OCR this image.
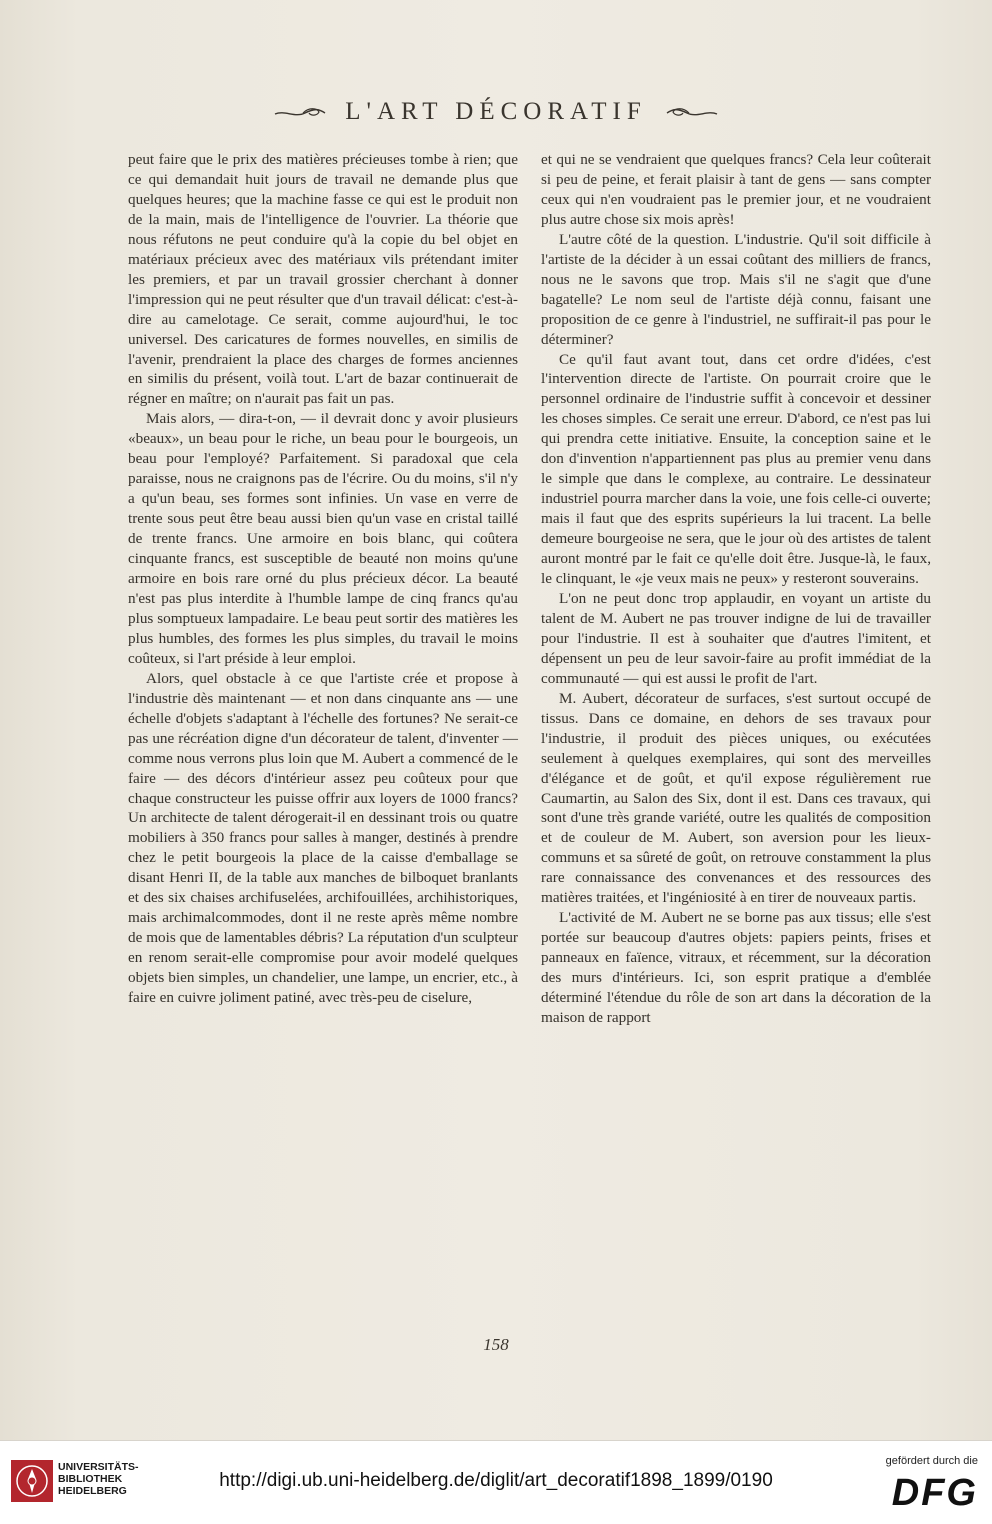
L'ART DÉCORATIF

peut faire que le prix des matières précieuses tombe à rien; que ce qui demandait huit jours de travail ne demande plus que quelques heures; que la machine fasse ce qui est le produit non de la main, mais de l'intelligence de l'ouvrier. La théorie que nous réfutons ne peut conduire qu'à la copie du bel objet en matériaux précieux avec des matériaux vils prétendant imiter les premiers, et par un travail grossier cherchant à donner l'impression qui ne peut résulter que d'un travail délicat: c'est-à-dire au camelotage. Ce serait, comme aujourd'hui, le toc universel. Des caricatures de formes nouvelles, en similis de l'avenir, prendraient la place des charges de formes anciennes en similis du présent, voilà tout. L'art de bazar continuerait de régner en maître; on n'aurait pas fait un pas.

Mais alors, — dira-t-on, — il devrait donc y avoir plusieurs «beaux», un beau pour le riche, un beau pour le bourgeois, un beau pour l'employé? Parfaitement. Si paradoxal que cela paraisse, nous ne craignons pas de l'écrire. Ou du moins, s'il n'y a qu'un beau, ses formes sont infinies. Un vase en verre de trente sous peut être beau aussi bien qu'un vase en cristal taillé de trente francs. Une armoire en bois blanc, qui coûtera cinquante francs, est susceptible de beauté non moins qu'une armoire en bois rare orné du plus précieux décor. La beauté n'est pas plus interdite à l'humble lampe de cinq francs qu'au plus somptueux lampadaire. Le beau peut sortir des matières les plus humbles, des formes les plus simples, du travail le moins coûteux, si l'art préside à leur emploi.

Alors, quel obstacle à ce que l'artiste crée et propose à l'industrie dès maintenant — et non dans cinquante ans — une échelle d'objets s'adaptant à l'échelle des fortunes? Ne serait-ce pas une récréation digne d'un décorateur de talent, d'inventer — comme nous verrons plus loin que M. Aubert a commencé de le faire — des décors d'intérieur assez peu coûteux pour que chaque constructeur les puisse offrir aux loyers de 1000 francs? Un architecte de talent dérogerait-il en dessinant trois ou quatre mobiliers à 350 francs pour salles à manger, destinés à prendre chez le petit bourgeois la place de la caisse d'emballage se disant Henri II, de la table aux manches de bilboquet branlants et des six chaises archifuselées, archifouillées, archihistoriques, mais archimalcommodes, dont il ne reste après même nombre de mois que de lamentables débris? La réputation d'un sculpteur en renom serait-elle compromise pour avoir modelé quelques objets bien simples, un chandelier, une lampe, un encrier, etc., à faire en cuivre joliment patiné, avec très-peu de ciselure,

et qui ne se vendraient que quelques francs? Cela leur coûterait si peu de peine, et ferait plaisir à tant de gens — sans compter ceux qui n'en voudraient pas le premier jour, et ne voudraient plus autre chose six mois après!

L'autre côté de la question. L'industrie. Qu'il soit difficile à l'artiste de la décider à un essai coûtant des milliers de francs, nous ne le savons que trop. Mais s'il ne s'agit que d'une bagatelle? Le nom seul de l'artiste déjà connu, faisant une proposition de ce genre à l'industriel, ne suffirait-il pas pour le déterminer?

Ce qu'il faut avant tout, dans cet ordre d'idées, c'est l'intervention directe de l'artiste. On pourrait croire que le personnel ordinaire de l'industrie suffit à concevoir et dessiner les choses simples. Ce serait une erreur. D'abord, ce n'est pas lui qui prendra cette initiative. Ensuite, la conception saine et le don d'invention n'appartiennent pas plus au premier venu dans le simple que dans le complexe, au contraire. Le dessinateur industriel pourra marcher dans la voie, une fois celle-ci ouverte; mais il faut que des esprits supérieurs la lui tracent. La belle demeure bourgeoise ne sera, que le jour où des artistes de talent auront montré par le fait ce qu'elle doit être. Jusque-là, le faux, le clinquant, le «je veux mais ne peux» y resteront souverains.

L'on ne peut donc trop applaudir, en voyant un artiste du talent de M. Aubert ne pas trouver indigne de lui de travailler pour l'industrie. Il est à souhaiter que d'autres l'imitent, et dépensent un peu de leur savoir-faire au profit immédiat de la communauté — qui est aussi le profit de l'art.

M. Aubert, décorateur de surfaces, s'est surtout occupé de tissus. Dans ce domaine, en dehors de ses travaux pour l'industrie, il produit des pièces uniques, ou exécutées seulement à quelques exemplaires, qui sont des merveilles d'élégance et de goût, et qu'il expose régulièrement rue Caumartin, au Salon des Six, dont il est. Dans ces travaux, qui sont d'une très grande variété, outre les qualités de composition et de couleur de M. Aubert, son aversion pour les lieux-communs et sa sûreté de goût, on retrouve constamment la plus rare connaissance des convenances et des ressources des matières traitées, et l'ingéniosité à en tirer de nouveaux partis.

L'activité de M. Aubert ne se borne pas aux tissus; elle s'est portée sur beaucoup d'autres objets: papiers peints, frises et panneaux en faïence, vitraux, et récemment, sur la décoration des murs d'intérieurs. Ici, son esprit pratique a d'emblée déterminé l'étendue du rôle de son art dans la décoration de la maison de rapport

158
UNIVERSITÄTS-
BIBLIOTHEK
HEIDELBERG	http://digi.ub.uni-heidelberg.de/diglit/art_decoratif1898_1899/0190
gefördert durch die
DFG
